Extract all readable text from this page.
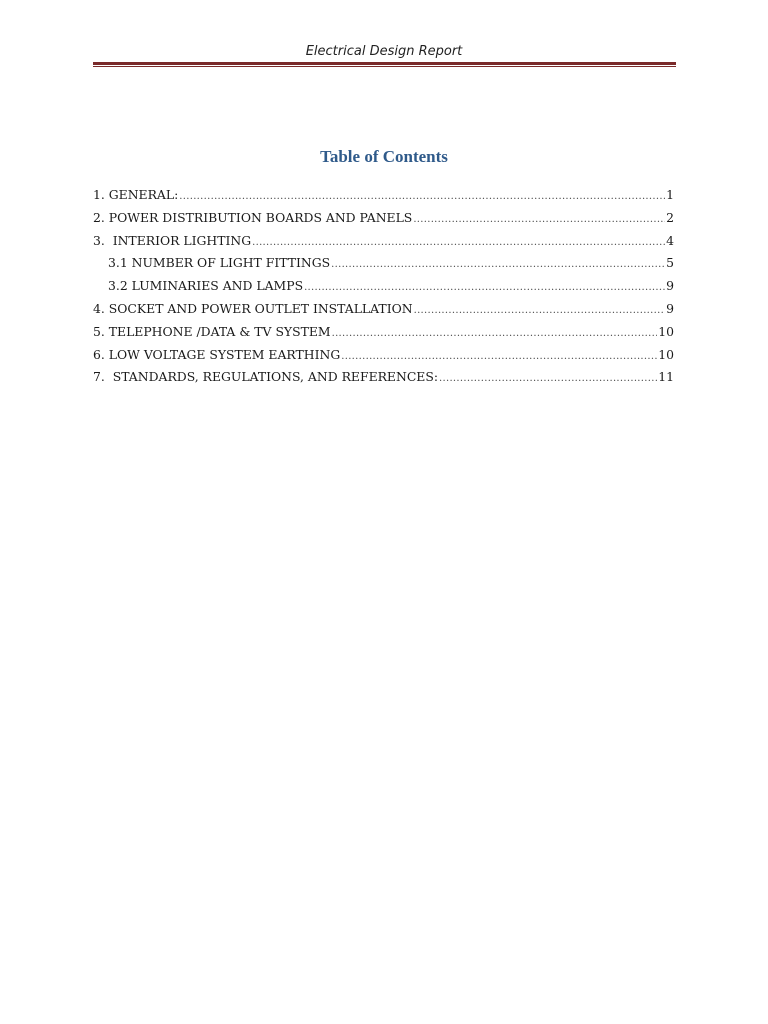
Electrical Design Report
Table of Contents
1. GENERAL: .....	1
2. POWER DISTRIBUTION BOARDS AND PANELS .....	2
3.  INTERIOR LIGHTING .....	4
3.1 NUMBER OF LIGHT FITTINGS .....	5
3.2 LUMINARIES AND LAMPS .....	9
4. SOCKET AND POWER OUTLET INSTALLATION .....	9
5. TELEPHONE /DATA & TV SYSTEM .....	10
6. LOW VOLTAGE SYSTEM EARTHING .....	10
7.  STANDARDS, REGULATIONS, AND REFERENCES: .....	11
